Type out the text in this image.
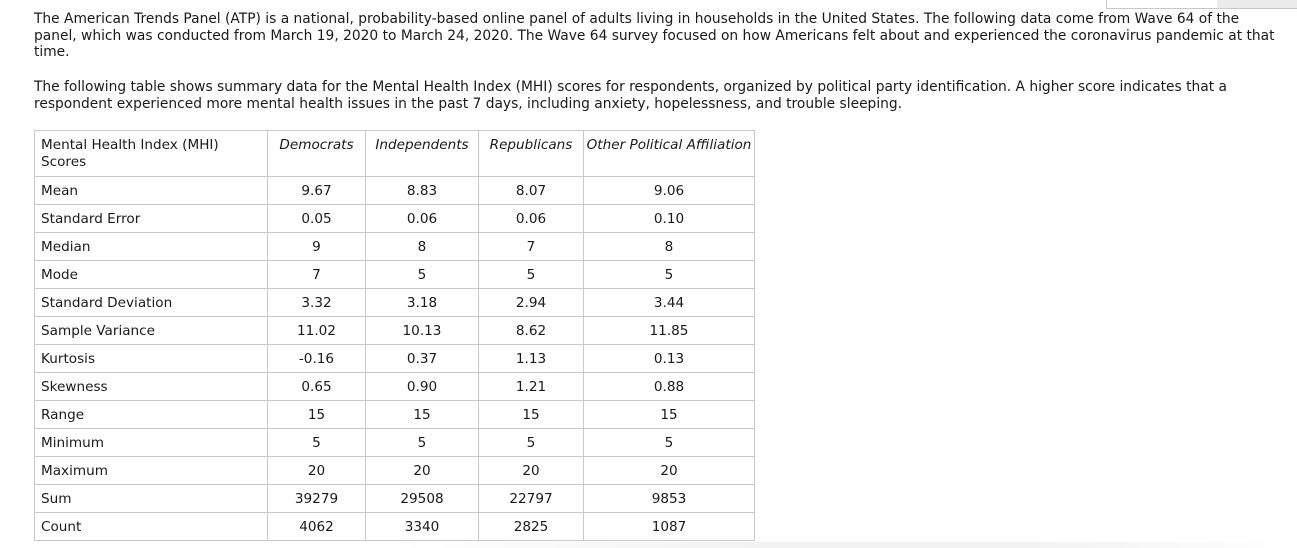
The American Trends Panel (ATP) is a national, probability-based online panel of adults living in households in the United States. The following data come from Wave 64 of the panel, which was conducted from March 19, 2020 to March 24, 2020. The Wave 64 survey focused on how Americans felt about and experienced the coronavirus pandemic at that time.

The following table shows summary data for the Mental Health Index (MHI) scores for respondents, organized by political party identification. A higher score indicates that a respondent experienced more mental health issues in the past 7 days, including anxiety, hopelessness, and trouble sleeping.

Mental Health Index (MHI) Scores	Democrats	Independents	Republicans	Other Political Affiliation
Mean	9.67	8.83	8.07	9.06
Standard Error	0.05	0.06	0.06	0.10
Median	9	8	7	8
Mode	7	5	5	5
Standard Deviation	3.32	3.18	2.94	3.44
Sample Variance	11.02	10.13	8.62	11.85
Kurtosis	-0.16	0.37	1.13	0.13
Skewness	0.65	0.90	1.21	0.88
Range	15	15	15	15
Minimum	5	5	5	5
Maximum	20	20	20	20
Sum	39279	29508	22797	9853
Count	4062	3340	2825	1087
